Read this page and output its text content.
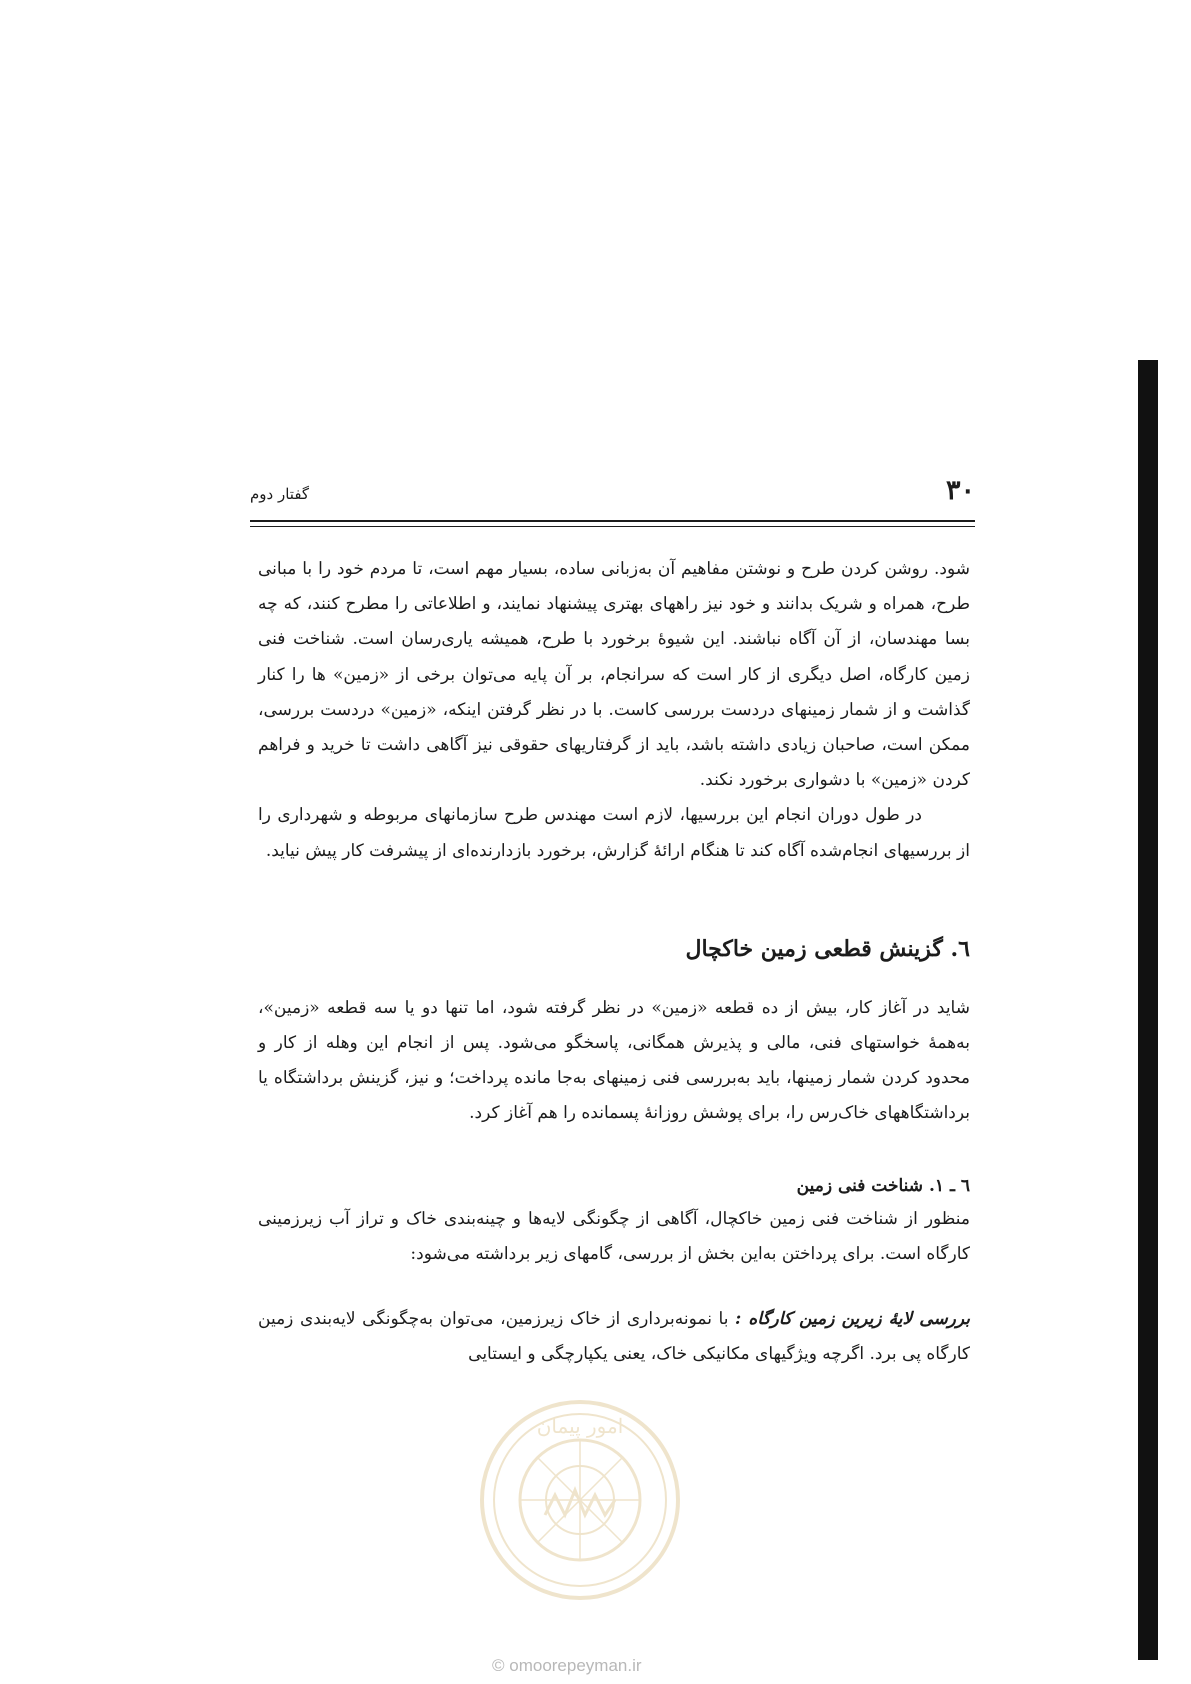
۳۰
گفتار دوم

شود. روشن کردن طرح و نوشتن مفاهیم آن به‌زبانی ساده، بسیار مهم است، تا مردم خود را با مبانی طرح، همراه و شریک بدانند و خود نیز راههای بهتری پیشنهاد نمایند، و اطلاعاتی را مطرح کنند، که چه بسا مهندسان، از آن آگاه نباشند. این شیوهٔ برخورد با طرح، همیشه یاری‌رسان است. شناخت فنی زمین کارگاه، اصل دیگری از کار است که سرانجام، بر آن پایه می‌توان برخی از «زمین» ها را کنار گذاشت و از شمار زمینهای دردست بررسی کاست. با در نظر گرفتن اینکه، «زمین» دردست بررسی، ممکن است، صاحبان زیادی داشته باشد، باید از گرفتاریهای حقوقی نیز آگاهی داشت تا خرید و فراهم کردن «زمین» با دشواری برخورد نکند.

در طول دوران انجام این بررسیها، لازم است مهندس طرح سازمانهای مربوطه و شهرداری را از بررسیهای انجام‌شده آگاه کند تا هنگام ارائهٔ گزارش، برخورد بازدارنده‌ای از پیشرفت کار پیش نیاید.

٦. گزینش قطعی زمین خاکچال

شاید در آغاز کار، بیش از ده قطعه «زمین» در نظر گرفته شود، اما تنها دو یا سه قطعه «زمین»، به‌همهٔ خواستهای فنی، مالی و پذیرش همگانی، پاسخگو می‌شود. پس از انجام این وهله از کار و محدود کردن شمار زمینها، باید به‌بررسی فنی زمینهای به‌جا مانده پرداخت؛ و نیز، گزینش برداشتگاه یا برداشتگاههای خاک‌رس را، برای پوشش روزانهٔ پسمانده را هم آغاز کرد.

٦ ـ ١. شناخت فنی زمین

منظور از شناخت فنی زمین خاکچال، آگاهی از چگونگی لایه‌ها و چینه‌بندی خاک و تراز آب زیرزمینی کارگاه است. برای پرداختن به‌این بخش از بررسی، گامهای زیر برداشته می‌شود:

بررسی لایهٔ زیرین زمین کارگاه : با نمونه‌برداری از خاک زیرزمین، می‌توان به‌چگونگی لایه‌بندی زمین کارگاه پی برد. اگرچه ویژگیهای مکانیکی خاک، یعنی یکپارچگی و ایستایی

امور پیمان
© omoorepeyman.ir
